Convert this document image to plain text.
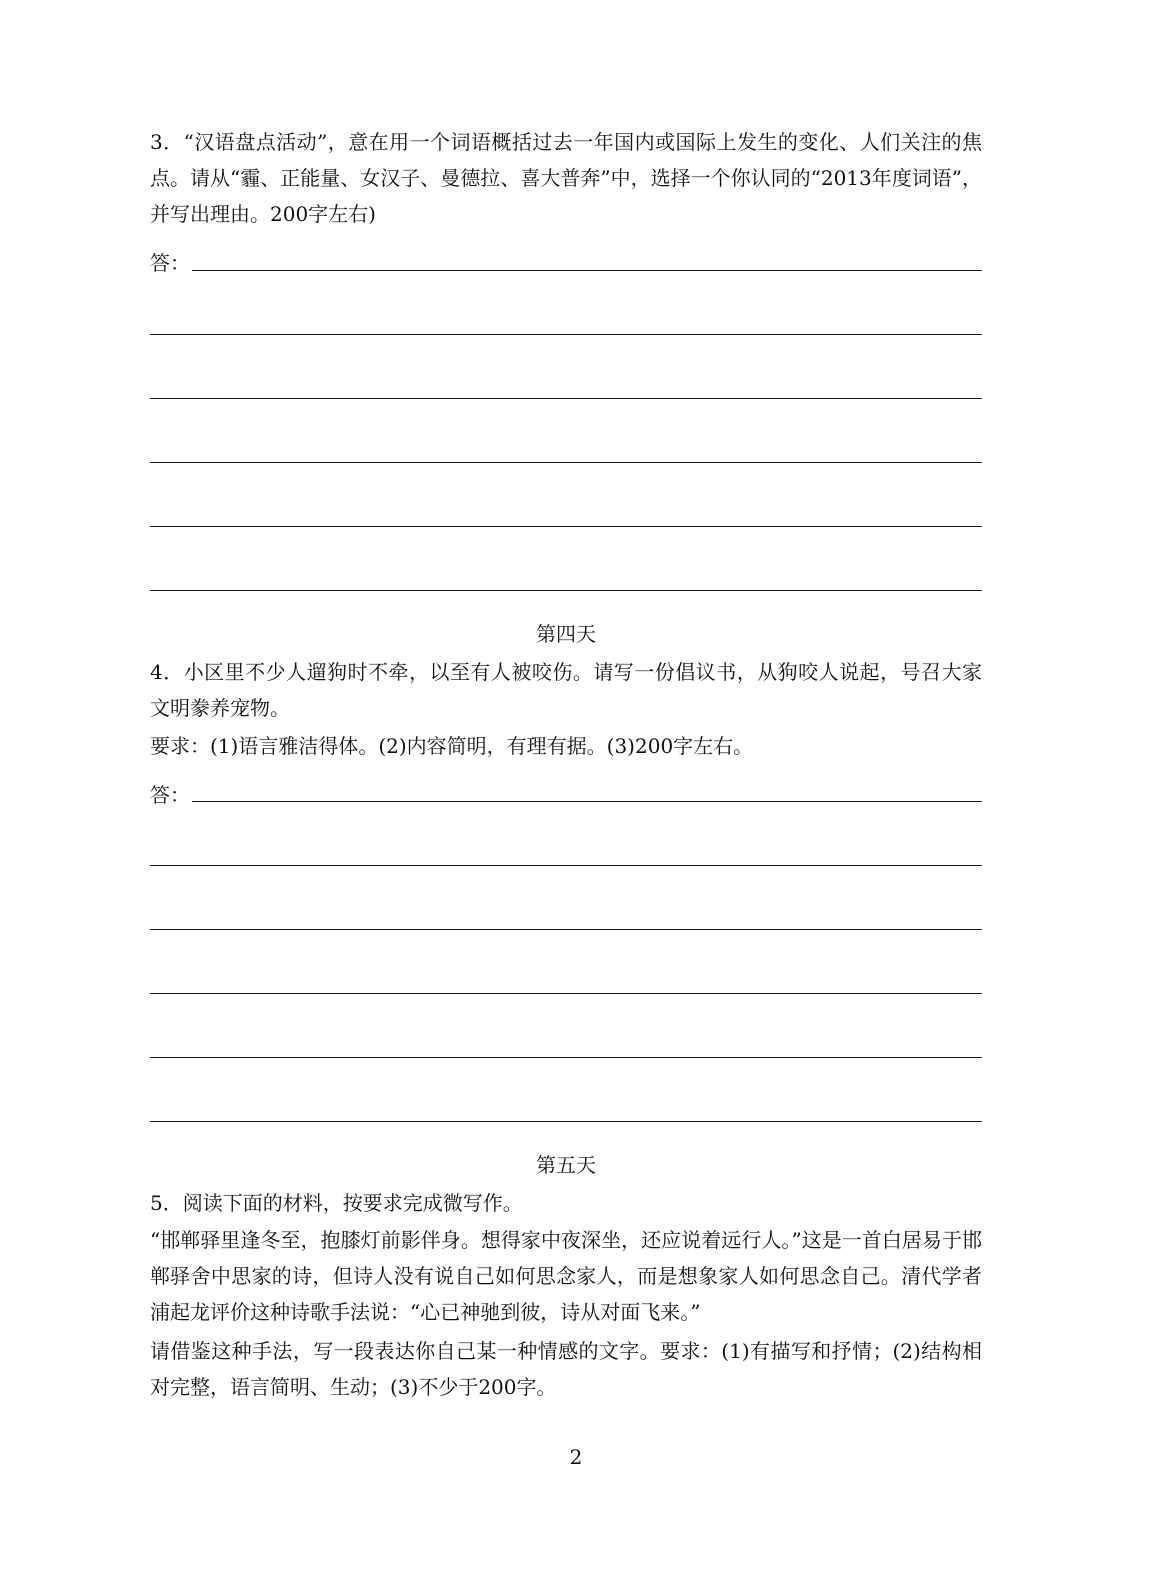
3．“汉语盘点活动”，意在用一个词语概括过去一年国内或国际上发生的变化、人们关注的焦点。请从“霾、正能量、女汉子、曼德拉、喜大普奔”中，选择一个你认同的“2013年度词语”，并写出理由。200字左右)

答：

第四天

4．小区里不少人遛狗时不牵，以至有人被咬伤。请写一份倡议书，从狗咬人说起，号召大家文明豢养宠物。

要求：(1)语言雅洁得体。(2)内容简明，有理有据。(3)200字左右。

答：

第五天

5．阅读下面的材料，按要求完成微写作。

“邯郸驿里逢冬至，抱膝灯前影伴身。想得家中夜深坐，还应说着远行人。”这是一首白居易于邯郸驿舍中思家的诗，但诗人没有说自己如何思念家人，而是想象家人如何思念自己。清代学者浦起龙评价这种诗歌手法说：“心已神驰到彼，诗从对面飞来。”

请借鉴这种手法，写一段表达你自己某一种情感的文字。要求：(1)有描写和抒情；(2)结构相对完整，语言简明、生动；(3)不少于200字。

2
